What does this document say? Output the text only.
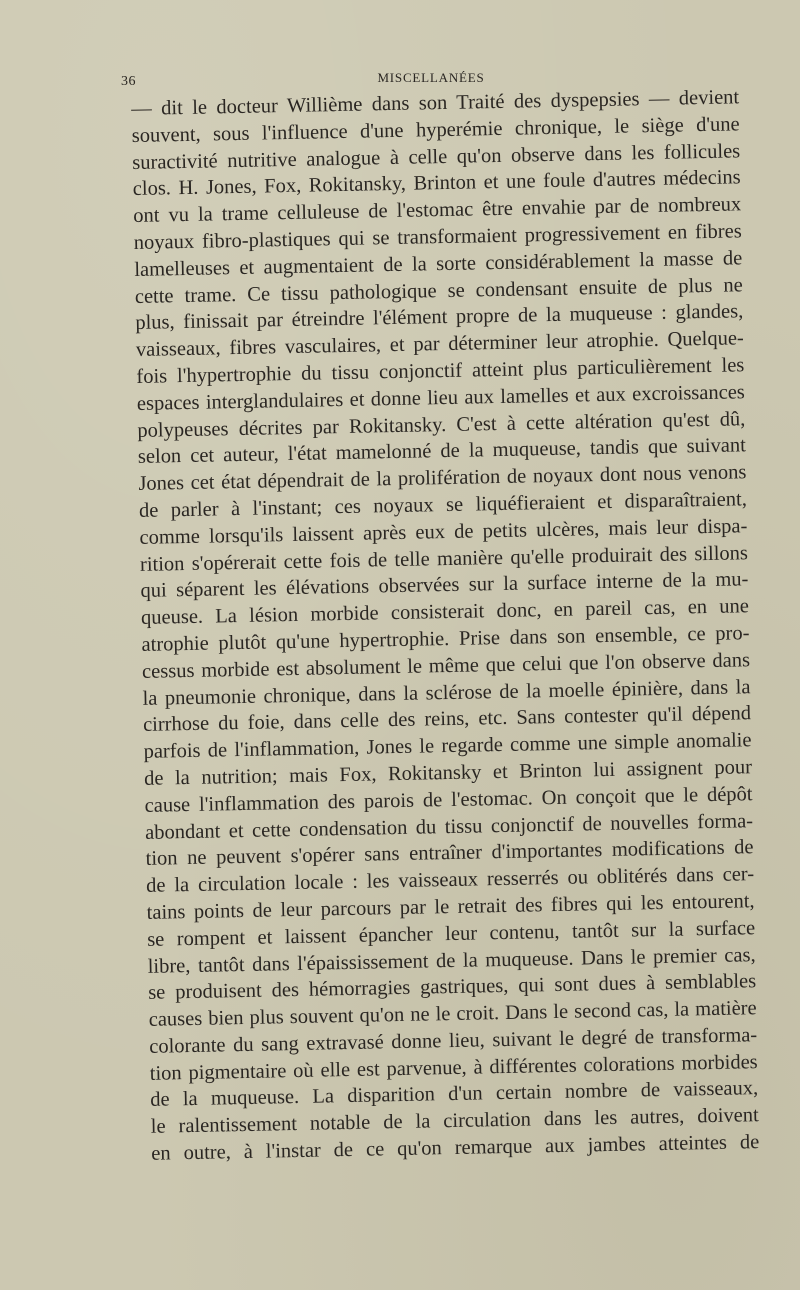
36	MISCELLANÉES
— dit le docteur Willième dans son Traité des dyspepsies — devient
souvent, sous l'influence d'une hyperémie chronique, le siège d'une
suractivité nutritive analogue à celle qu'on observe dans les follicules
clos. H. Jones, Fox, Rokitansky, Brinton et une foule d'autres médecins
ont vu la trame celluleuse de l'estomac être envahie par de nombreux
noyaux fibro-plastiques qui se transformaient progressivement en fibres
lamelleuses et augmentaient de la sorte considérablement la masse de
cette trame. Ce tissu pathologique se condensant ensuite de plus ne
plus, finissait par étreindre l'élément propre de la muqueuse : glandes,
vaisseaux, fibres vasculaires, et par déterminer leur atrophie. Quelque-
fois l'hypertrophie du tissu conjonctif atteint plus particulièrement les
espaces interglandulaires et donne lieu aux lamelles et aux excroissances
polypeuses décrites par Rokitansky. C'est à cette altération qu'est dû,
selon cet auteur, l'état mamelonné de la muqueuse, tandis que suivant
Jones cet état dépendrait de la prolifération de noyaux dont nous venons
de parler à l'instant; ces noyaux se liquéfieraient et disparaîtraient,
comme lorsqu'ils laissent après eux de petits ulcères, mais leur dispa-
rition s'opérerait cette fois de telle manière qu'elle produirait des sillons
qui séparent les élévations observées sur la surface interne de la mu-
queuse. La lésion morbide consisterait donc, en pareil cas, en une
atrophie plutôt qu'une hypertrophie. Prise dans son ensemble, ce pro-
cessus morbide est absolument le même que celui que l'on observe dans
la pneumonie chronique, dans la sclérose de la moelle épinière, dans la
cirrhose du foie, dans celle des reins, etc. Sans contester qu'il dépend
parfois de l'inflammation, Jones le regarde comme une simple anomalie
de la nutrition; mais Fox, Rokitansky et Brinton lui assignent pour
cause l'inflammation des parois de l'estomac. On conçoit que le dépôt
abondant et cette condensation du tissu conjonctif de nouvelles forma-
tion ne peuvent s'opérer sans entraîner d'importantes modifications de
de la circulation locale : les vaisseaux resserrés ou oblitérés dans cer-
tains points de leur parcours par le retrait des fibres qui les entourent,
se rompent et laissent épancher leur contenu, tantôt sur la surface
libre, tantôt dans l'épaississement de la muqueuse. Dans le premier cas,
se produisent des hémorragies gastriques, qui sont dues à semblables
causes bien plus souvent qu'on ne le croit. Dans le second cas, la matière
colorante du sang extravasé donne lieu, suivant le degré de transforma-
tion pigmentaire où elle est parvenue, à différentes colorations morbides
de la muqueuse. La disparition d'un certain nombre de vaisseaux,
le ralentissement notable de la circulation dans les autres, doivent
en outre, à l'instar de ce qu'on remarque aux jambes atteintes de
